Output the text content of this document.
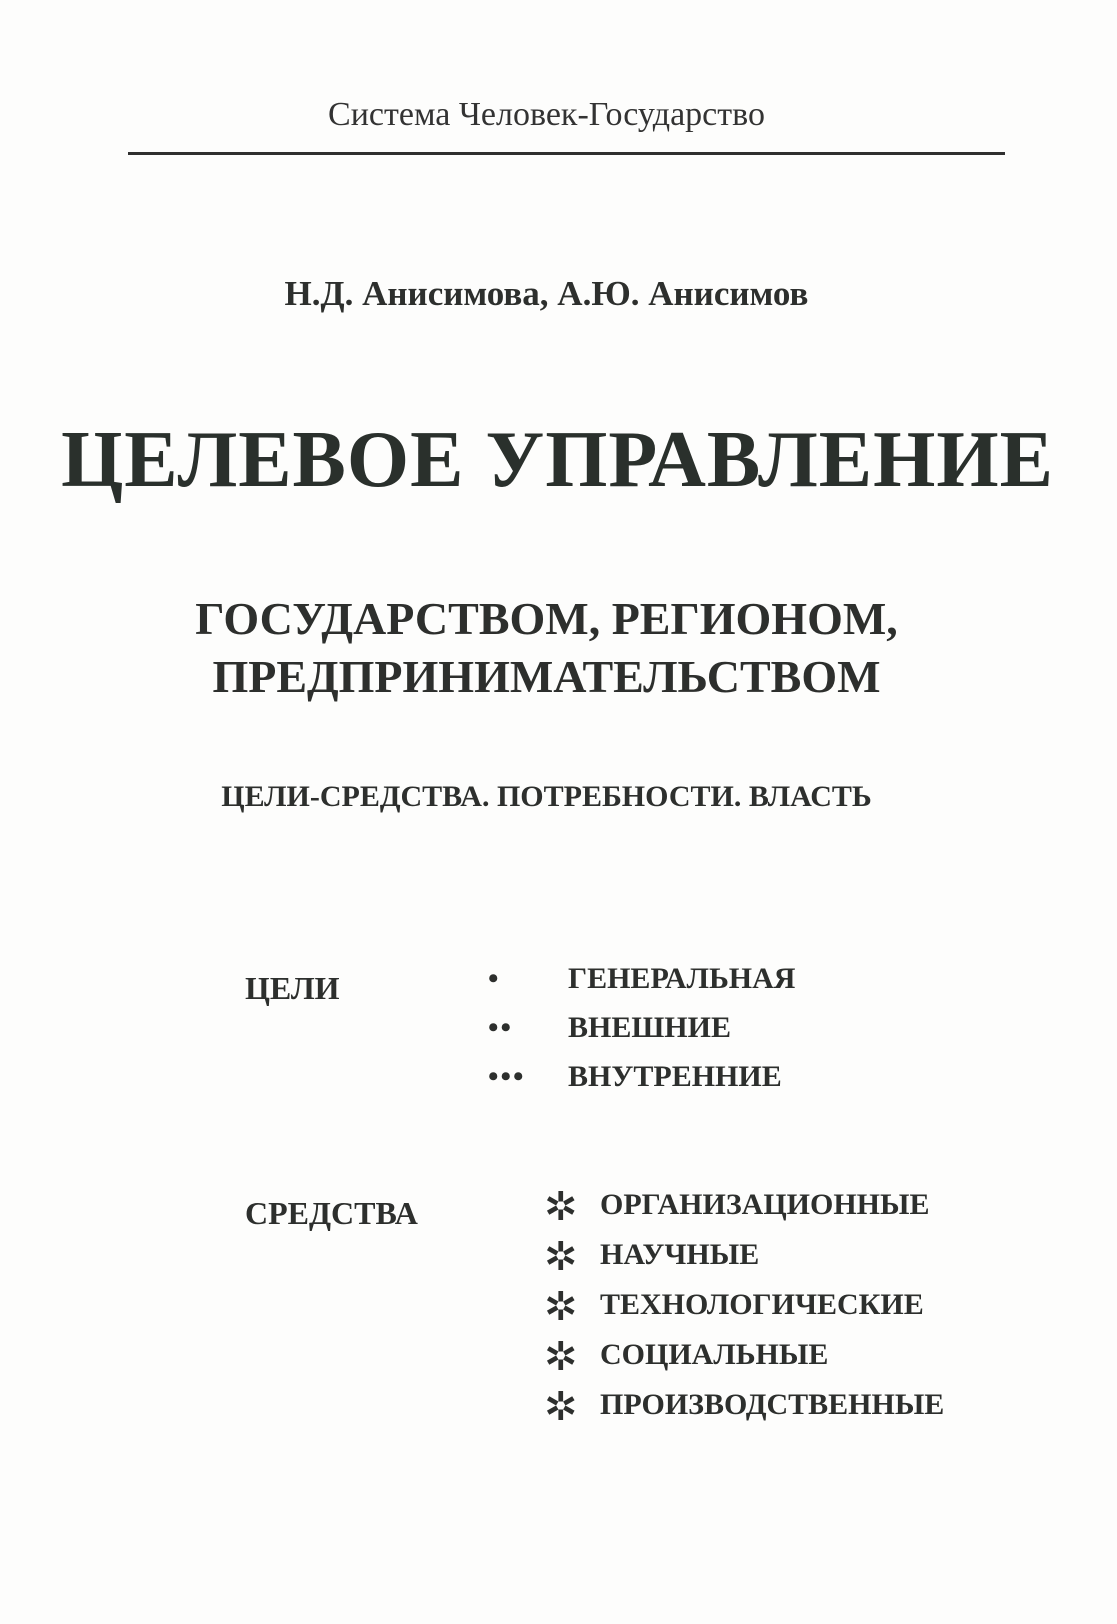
Система Человек-Государство
Н.Д. Анисимова, А.Ю. Анисимов
ЦЕЛЕВОЕ УПРАВЛЕНИЕ
ГОСУДАРСТВОМ, РЕГИОНОМ,
ПРЕДПРИНИМАТЕЛЬСТВОМ
ЦЕЛИ-СРЕДСТВА. ПОТРЕБНОСТИ. ВЛАСТЬ
ЦЕЛИ	• ГЕНЕРАЛЬНАЯ
•• ВНЕШНИЕ
••• ВНУТРЕННИЕ
СРЕДСТВА	✲ ОРГАНИЗАЦИОННЫЕ
✲ НАУЧНЫЕ
✲ ТЕХНОЛОГИЧЕСКИЕ
✲ СОЦИАЛЬНЫЕ
✲ ПРОИЗВОДСТВЕННЫЕ
